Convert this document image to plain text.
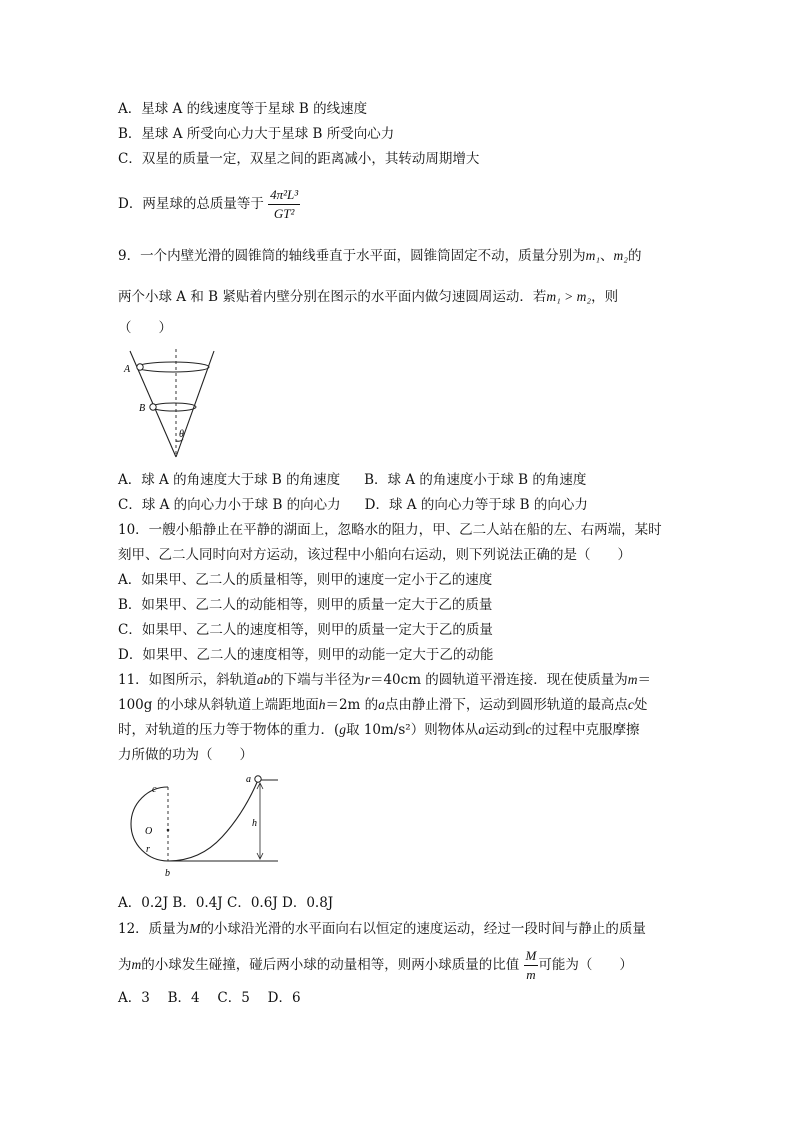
A．星球 A 的线速度等于星球 B 的线速度
B．星球 A 所受向心力大于星球 B 所受向心力
C．双星的质量一定，双星之间的距离减小，其转动周期增大
D．两星球的总质量等于 $\frac{\text{4π²L³}}{\text{GT²}}$
9．一个内壁光滑的圆锥筒的轴线垂直于水平面，圆锥筒固定不动，质量分别为m₁、m₂的
两个小球 A 和 B 紧贴着内壁分别在图示的水平面内做匀速圆周运动．若m₁ > m₂，则
（　　）
A
B
θ
A．球 A 的角速度大于球 B 的角速度 B．球 A 的角速度小于球 B 的角速度
C．球 A 的向心力小于球 B 的向心力 D．球 A 的向心力等于球 B 的向心力
10．一艘小船静止在平静的湖面上，忽略水的阻力，甲、乙二人站在船的左、右两端，某时
刻甲、乙二人同时向对方运动，该过程中小船向右运动，则下列说法正确的是（　　）
A．如果甲、乙二人的质量相等，则甲的速度一定小于乙的速度
B．如果甲、乙二人的动能相等，则甲的质量一定大于乙的质量
C．如果甲、乙二人的速度相等，则甲的质量一定大于乙的质量
D．如果甲、乙二人的速度相等，则甲的动能一定大于乙的动能
11．如图所示，斜轨道ab的下端与半径为r＝40cm 的圆轨道平滑连接．现在使质量为m＝
100g 的小球从斜轨道上端距地面h＝2m 的a点由静止滑下，运动到圆形轨道的最高点c处
时，对轨道的压力等于物体的重力．(g取 10m/s²）则物体从a运动到c的过程中克服摩擦
力所做的功为（　　）
a
c
O
r
b
h
A．0.2J B．0.4J C．0.6J D．0.8J
12．质量为M的小球沿光滑的水平面向右以恒定的速度运动，经过一段时间与静止的质量
为m的小球发生碰撞，碰后两小球的动量相等，则两小球质量的比值 $\frac{M}{m}$ 可能为（　　）
A．3　 B．4　 C．5　 D．6
